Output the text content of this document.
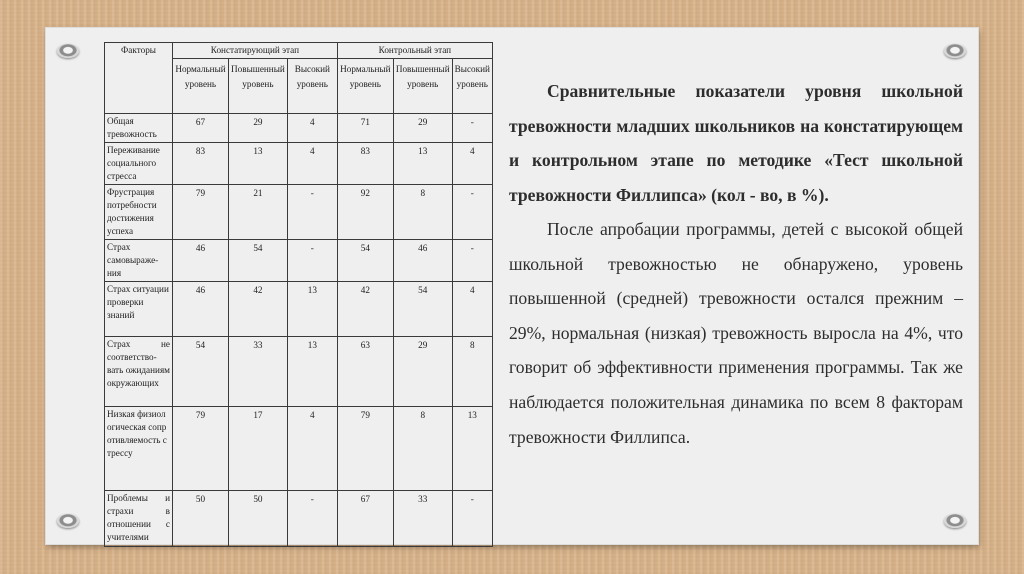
Факторы	Констатирующий этап			Контрольный этап		
	Нормальный уровень	Повышенный уровень	Высокий уровень	Нормальный уровень	Повышенный уровень	Высокий уровень
Общая тревожность	67	29	4	71	29	-
Переживание социального стресса	83	13	4	83	13	4
Фрустрация потребности достижения успеха	79	21	-	92	8	-
Страх самовыраже-ния	46	54	-	54	46	-
Страх ситуации проверки знаний	46	42	13	42	54	4
Страх не соответство-вать ожиданиям окружающих	54	33	13	63	29	8
Низкая физиологическая сопротивляемость стрессу	79	17	4	79	8	13
Проблемы и страхи в отношении с учителями	50	50	-	67	33	-

Сравнительные показатели уровня школьной тревожности младших школьников на констатирующем и контрольном этапе по методике «Тест школьной тревожности Филлипса» (кол - во, в %).

После апробации программы, детей с высокой общей школьной тревожностью не обнаружено, уровень повышенной (средней) тревожности остался прежним – 29%, нормальная (низкая) тревожность выросла на 4%, что говорит об эффективности применения программы. Так же наблюдается положительная динамика по всем 8 факторам тревожности Филлипса.
